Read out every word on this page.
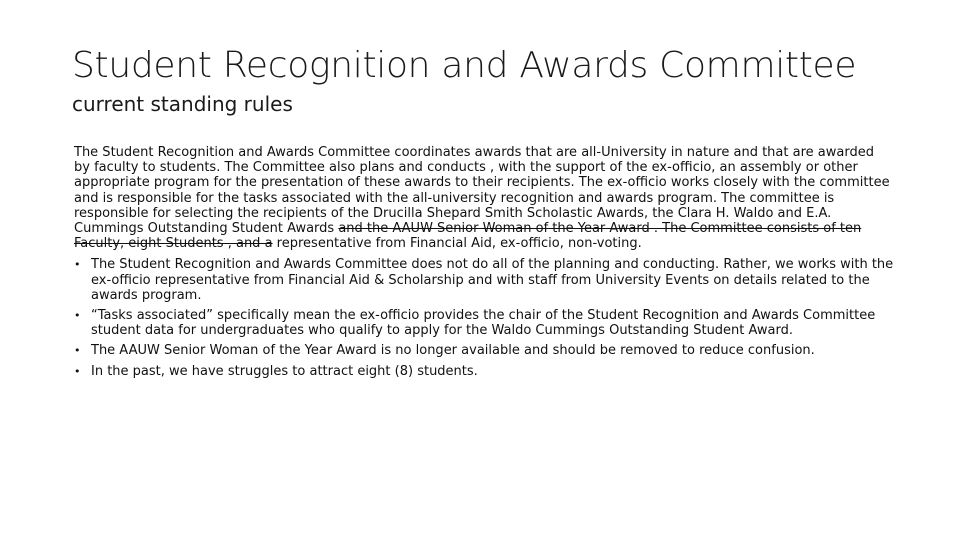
Student Recognition and Awards Committee
current standing rules

The Student Recognition and Awards Committee coordinates awards that are all-University in nature and that are awarded by faculty to students. The Committee also plans and conducts , with the support of the ex-officio, an assembly or other appropriate program for the presentation of these awards to their recipients. The ex-officio works closely with the committee and is responsible for the tasks associated with the all-university recognition and awards program. The committee is responsible for selecting the recipients of the Drucilla Shepard Smith Scholastic Awards, the Clara H. Waldo and E.A. Cummings Outstanding Student Awards and the AAUW Senior Woman of the Year Award . The Committee consists of ten Faculty, eight Students , and a representative from Financial Aid, ex-officio, non-voting.

• The Student Recognition and Awards Committee does not do all of the planning and conducting. Rather, we works with the ex-officio representative from Financial Aid & Scholarship and with staff from University Events on details related to the awards program.
• “Tasks associated” specifically mean the ex-officio provides the chair of the Student Recognition and Awards Committee student data for undergraduates who qualify to apply for the Waldo Cummings Outstanding Student Award.
• The AAUW Senior Woman of the Year Award is no longer available and should be removed to reduce confusion.
• In the past, we have struggles to attract eight (8) students.
